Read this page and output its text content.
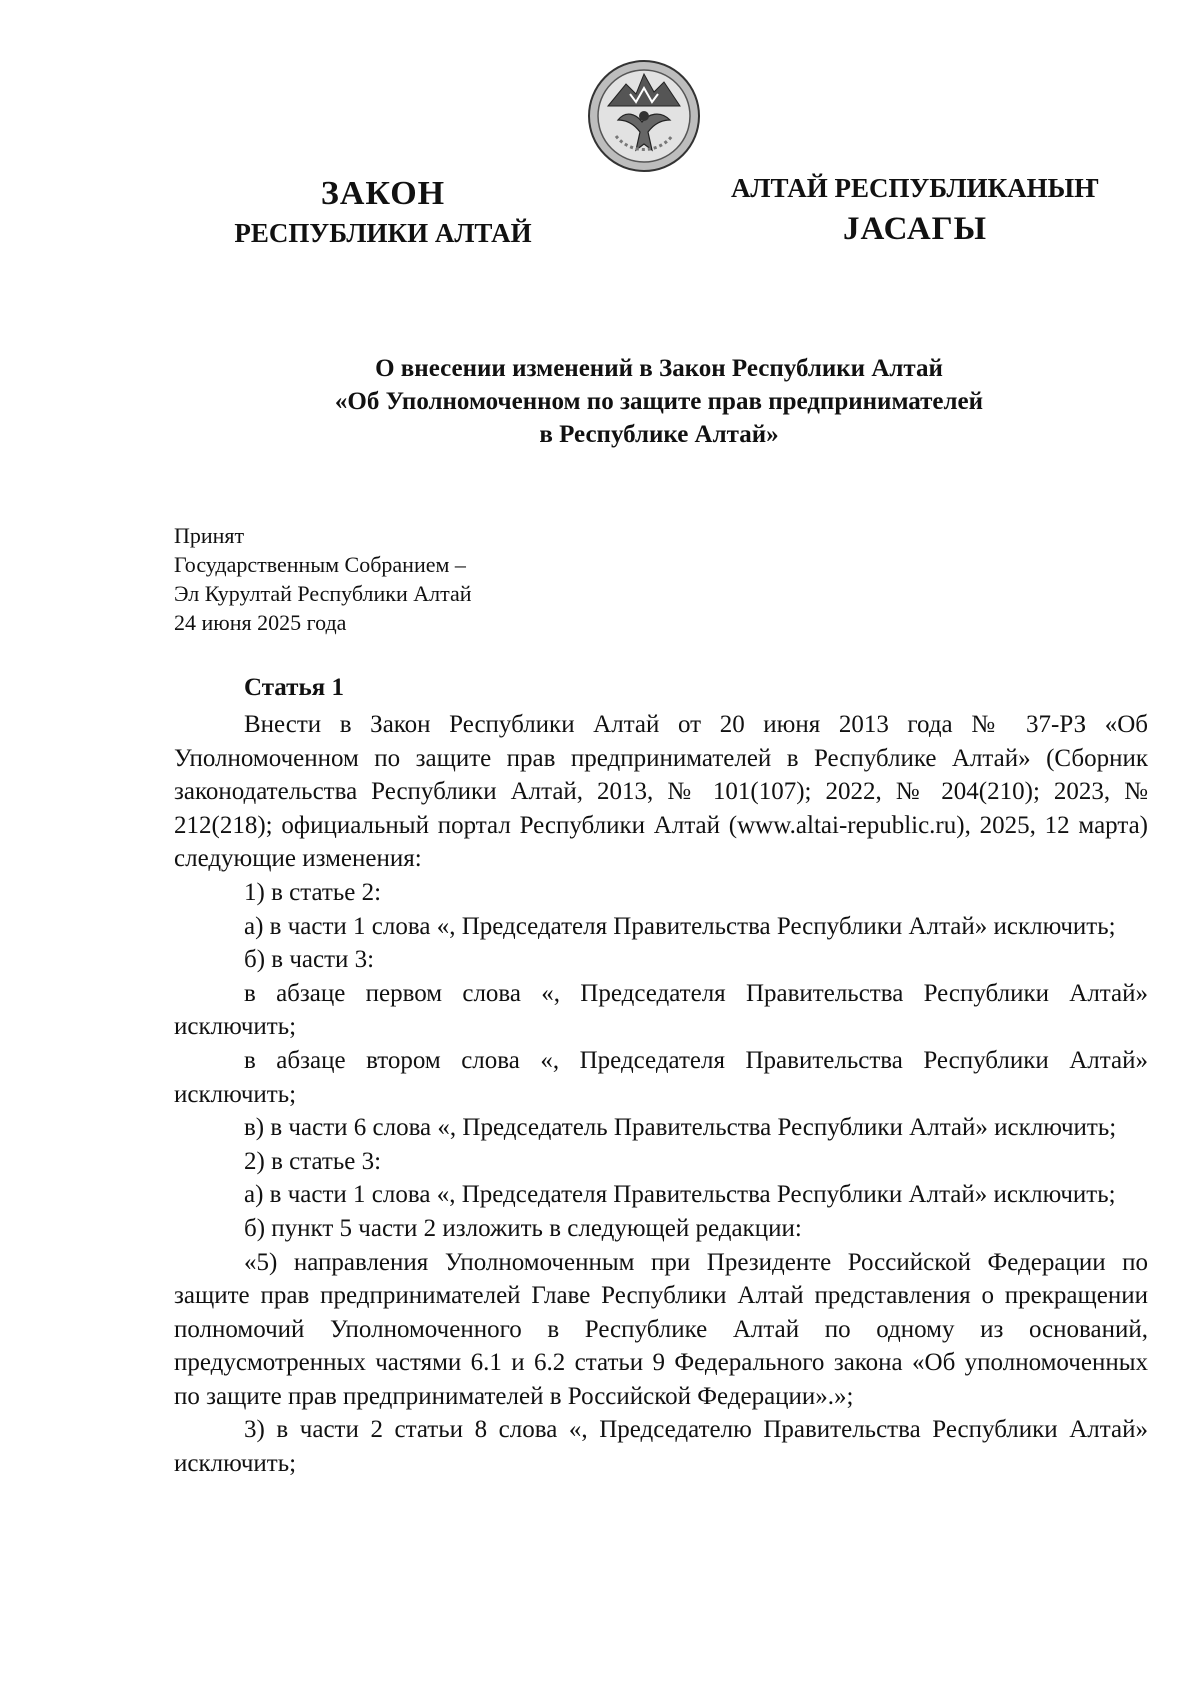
ЗАКОН
РЕСПУБЛИКИ АЛТАЙ
АЛТАЙ РЕСПУБЛИКАНЫҤ
JАСАГЫ
О внесении изменений в Закон Республики Алтай
«Об Уполномоченном по защите прав предпринимателей
в Республике Алтай»
Принят
Государственным Собранием –
Эл Курултай Республики Алтай
24 июня 2025 года
Статья 1

Внести в Закон Республики Алтай от 20 июня 2013 года № 37-РЗ «Об Уполномоченном по защите прав предпринимателей в Республике Алтай» (Сборник законодательства Республики Алтай, 2013, № 101(107); 2022, № 204(210); 2023, № 212(218); официальный портал Республики Алтай (www.altai-republic.ru), 2025, 12 марта) следующие изменения:

1) в статье 2:

а) в части 1 слова «, Председателя Правительства Республики Алтай» исключить;

б) в части 3:

в абзаце первом слова «, Председателя Правительства Республики Алтай» исключить;

в абзаце втором слова «, Председателя Правительства Республики Алтай» исключить;

в) в части 6 слова «, Председатель Правительства Республики Алтай» исключить;

2) в статье 3:

а) в части 1 слова «, Председателя Правительства Республики Алтай» исключить;

б) пункт 5 части 2 изложить в следующей редакции:

«5) направления Уполномоченным при Президенте Российской Федерации по защите прав предпринимателей Главе Республики Алтай представления о прекращении полномочий Уполномоченного в Республике Алтай по одному из оснований, предусмотренных частями 6.1 и 6.2 статьи 9 Федерального закона «Об уполномоченных по защите прав предпринимателей в Российской Федерации».»;

3) в части 2 статьи 8 слова «, Председателю Правительства Республики Алтай» исключить;
